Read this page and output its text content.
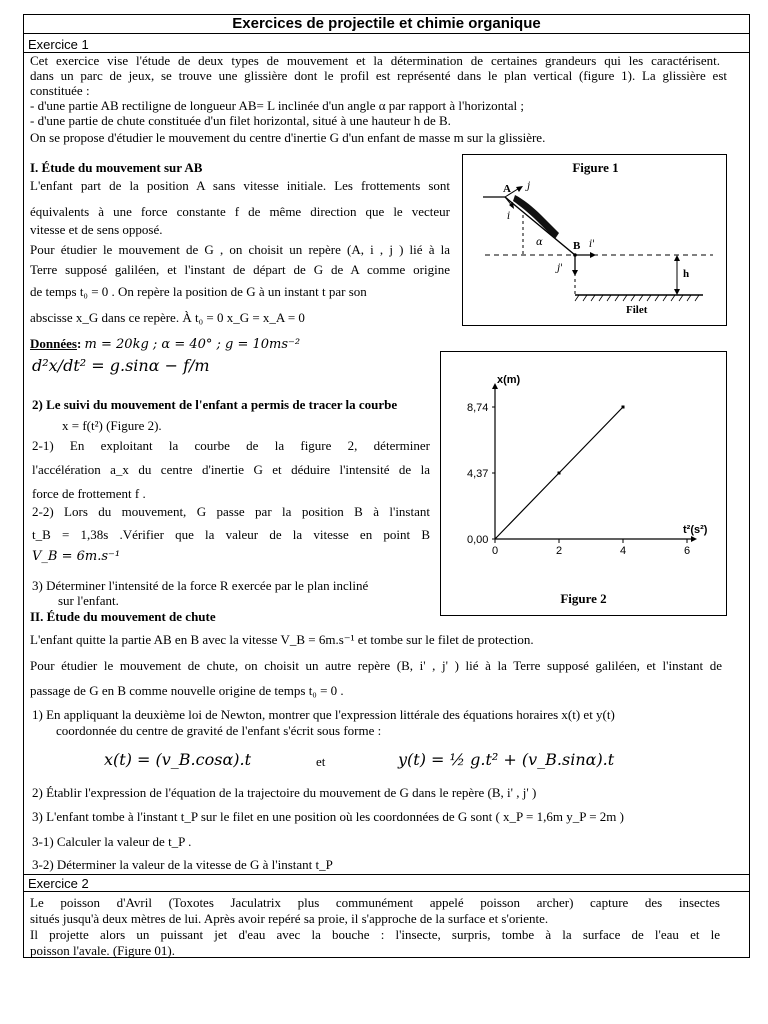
Exercices de projectile et chimie organique
Exercice 1
Cet exercice vise l'étude de deux types de mouvement et la détermination de certaines grandeurs qui les caractérisent.
dans un parc de jeux, se trouve une glissière dont le profil est représenté dans le plan vertical (figure 1). La glissière est
constituée :
- d'une partie AB rectiligne de longueur AB= L inclinée d'un angle α par rapport à l'horizontal ;
- d'une partie de chute constituée d'un filet horizontal, situé à une hauteur h de B.
On se propose d'étudier le mouvement du centre d'inertie G d'un enfant de masse m sur la glissière.
I. Étude du mouvement sur AB
L'enfant part de la position A sans vitesse initiale. Les frottements sont
équivalents à une force constante f de même direction que le vecteur
vitesse et de sens opposé.
Pour étudier le mouvement de G , on choisit un repère (A, i , j ) lié à la
Terre supposé galiléen, et l'instant de départ de G de A comme origine
de temps t₀ = 0 . On repère la position de G à un instant t par son
abscisse x_G dans ce repère. À t₀ = 0 x_G = x_A = 0
Données: m = 20kg ; α = 40° ; g = 10ms⁻²
d²x/dt² = g.sinα − f/m
2) Le suivi du mouvement de l'enfant a permis de tracer la courbe
x = f(t²) (Figure 2).
2-1) En exploitant la courbe de la figure 2, déterminer
l'accélération a_x du centre d'inertie G et déduire l'intensité de la
force de frottement f .
2-2) Lors du mouvement, G passe par la position B à l'instant
t_B = 1,38s .Vérifier que la valeur de la vitesse en point B
V_B = 6m.s⁻¹
3) Déterminer l'intensité de la force R exercée par le plan incliné
sur l'enfant.
Figure 1
A j
i
α	B i'
j'	h
Filet
x(m)
t²(s²)
0	2	4	6
0,00
4,37
8,74
Figure 2
II. Étude du mouvement de chute
L'enfant quitte la partie AB en B avec la vitesse V_B = 6m.s⁻¹ et tombe sur le filet de protection.
Pour étudier le mouvement de chute, on choisit un autre repère (B, i' , j' ) lié à la Terre supposé galiléen, et l'instant de
passage de G en B comme nouvelle origine de temps t₀ = 0 .
1) En appliquant la deuxième loi de Newton, montrer que l'expression littérale des équations horaires x(t) et y(t)
coordonnée du centre de gravité de l'enfant s'écrit sous forme :
x(t) = (v_B.cosα).t	et	y(t) = ½ g.t² + (v_B.sinα).t
2) Établir l'expression de l'équation de la trajectoire du mouvement de G dans le repère (B, i' , j' )
3) L'enfant tombe à l'instant t_P sur le filet en une position où les coordonnées de G sont ( x_P = 1,6m y_P = 2m )
3-1) Calculer la valeur de t_P .
3-2) Déterminer la valeur de la vitesse de G à l'instant t_P
Exercice 2
Le poisson d'Avril (Toxotes Jaculatrix plus communément appelé poisson archer) capture des insectes
situés jusqu'à deux mètres de lui. Après avoir repéré sa proie, il s'approche de la surface et s'oriente.
Il projette alors un puissant jet d'eau avec la bouche : l'insecte, surpris, tombe à la surface de l'eau et le
poisson l'avale. (Figure 01).
